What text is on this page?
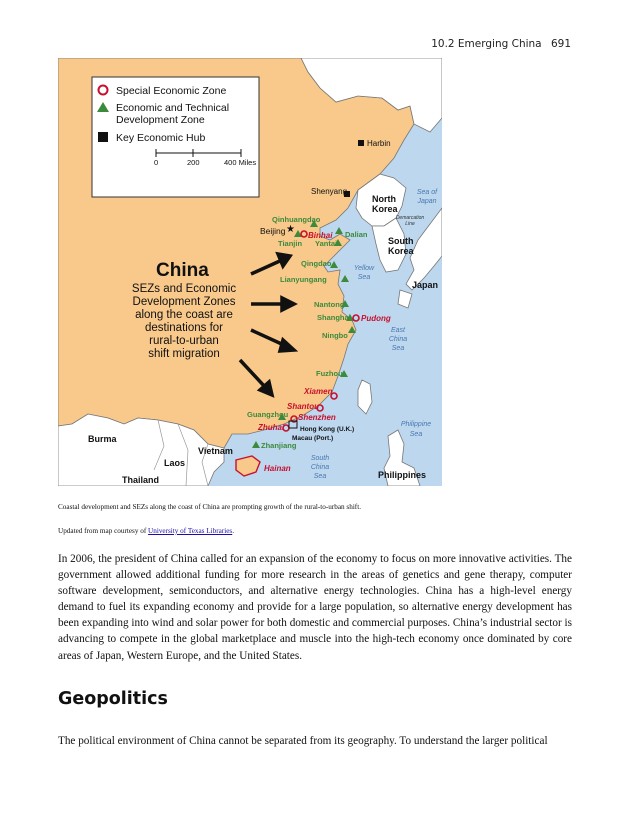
10.2 Emerging China 691
Special Economic Zone
Economic and Technical
Development Zone
Key Economic Hub
0	200	400 Miles
Harbin
Shenyang
★
Beijing
Qinhuangdao
Dalian
Tianjin Yantai
Qingdao
Lianyungang
Nantong
Shanghai
Ningbo
Fuzhou
Guangzhou
Zhanjiang
Binhai
Pudong
Xiamen
Shantou
Shenzhen
Zhuhai
Hainan
Hong Kong (U.K.)
Macau (Port.)
China
SEZs and Economic
Development Zones
along the coast are
destinations for
rural-to-urban
shift migration
North
Korea
South
Korea
Japan
Burma
Laos
Vietnam
Thailand	Philippines
Sea of
Japan
Yellow
Sea
East
China
Sea
Philippine
Sea
South
China
Sea
Demarcation
Line
Coastal development and SEZs along the coast of China are prompting growth of the rural-to-urban shift.
Updated from map courtesy of University of Texas Libraries.

In 2006, the president of China called for an expansion of the economy to focus on more innovative activities. The government allowed additional funding for more research in the areas of genetics and gene therapy, computer software development, semiconductors, and alternative energy technologies. China has a high-level energy demand to fuel its expanding economy and provide for a large population, so alternative energy development has been expanding into wind and solar power for both domestic and commercial purposes. China’s industrial sector is advancing to compete in the global marketplace and muscle into the high-tech economy once dominated by core areas of Japan, Western Europe, and the United States.

Geopolitics

The political environment of China cannot be separated from its geography. To understand the larger political
